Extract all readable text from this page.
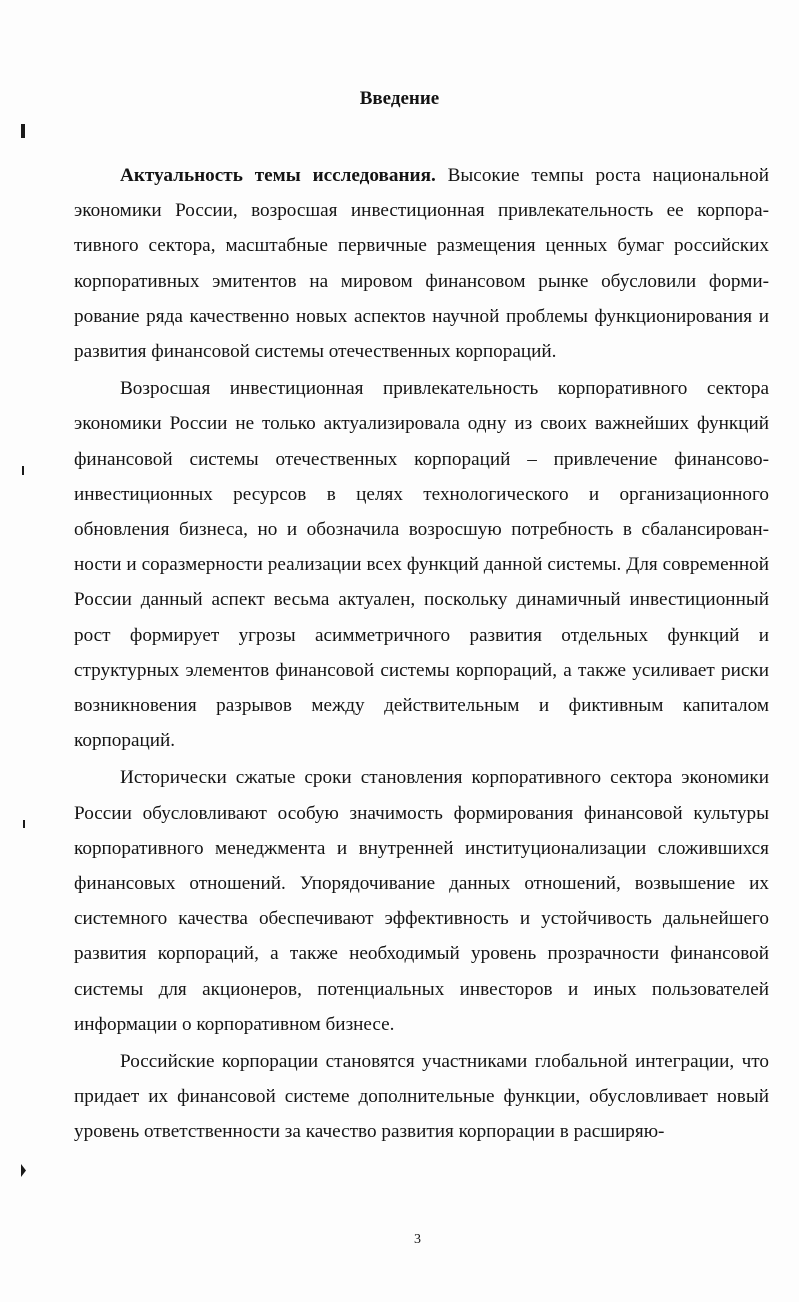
Введение

Актуальность темы исследования. Высокие темпы роста национальной экономики России, возросшая инвестиционная привлекательность ее корпоративного сектора, масштабные первичные размещения ценных бумаг российских корпоративных эмитентов на мировом финансовом рынке обусловили формирование ряда качественно новых аспектов научной проблемы функционирования и развития финансовой системы отечественных корпораций.

Возросшая инвестиционная привлекательность корпоративного сектора экономики России не только актуализировала одну из своих важнейших функций финансовой системы отечественных корпораций – привлечение финансово-инвестиционных ресурсов в целях технологического и организационного обновления бизнеса, но и обозначила возросшую потребность в сбалансированности и соразмерности реализации всех функций данной системы. Для современной России данный аспект весьма актуален, поскольку динамичный инвестиционный рост формирует угрозы асимметричного развития отдельных функций и структурных элементов финансовой системы корпораций, а также усиливает риски возникновения разрывов между действительным и фиктивным капиталом корпораций.

Исторически сжатые сроки становления корпоративного сектора экономики России обусловливают особую значимость формирования финансовой культуры корпоративного менеджмента и внутренней институционализации сложившихся финансовых отношений. Упорядочивание данных отношений, возвышение их системного качества обеспечивают эффективность и устойчивость дальнейшего развития корпораций, а также необходимый уровень прозрачности финансовой системы для акционеров, потенциальных инвесторов и иных пользователей информации о корпоративном бизнесе.

Российские корпорации становятся участниками глобальной интеграции, что придает их финансовой системе дополнительные функции, обусловливает новый уровень ответственности за качество развития корпорации в расширяю-

3
